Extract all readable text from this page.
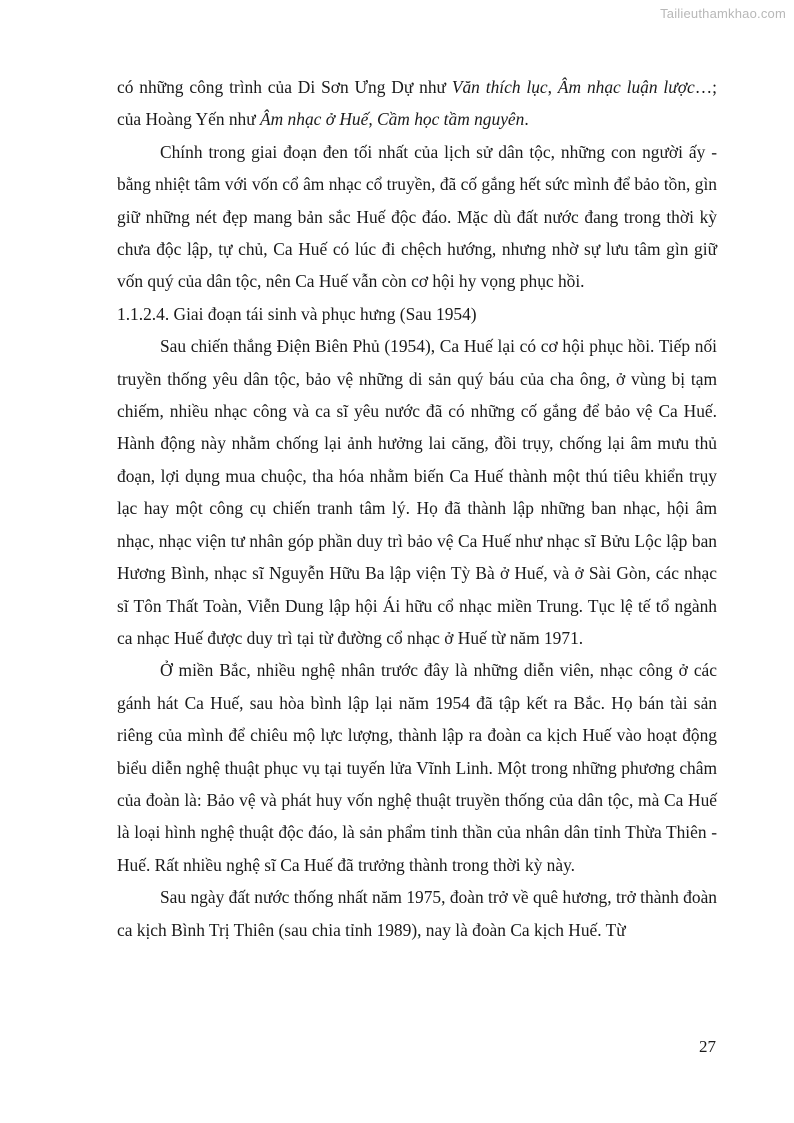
Tailieuthamkhao.com

có những công trình của Di Sơn Ưng Dự như Văn thích lục, Âm nhạc luận lược…; của Hoàng Yến như Âm nhạc ở Huế, Cầm học tầm nguyên.

Chính trong giai đoạn đen tối nhất của lịch sử dân tộc, những con người ấy - bằng nhiệt tâm với vốn cổ âm nhạc cổ truyền, đã cố gắng hết sức mình để bảo tồn, gìn giữ những nét đẹp mang bản sắc Huế độc đáo. Mặc dù đất nước đang trong thời kỳ chưa độc lập, tự chủ, Ca Huế có lúc đi chệch hướng, nhưng nhờ sự lưu tâm gìn giữ vốn quý của dân tộc, nên Ca Huế vẫn còn cơ hội hy vọng phục hồi.

1.1.2.4. Giai đoạn tái sinh và phục hưng (Sau 1954)

Sau chiến thắng Điện Biên Phủ (1954), Ca Huế lại có cơ hội phục hồi. Tiếp nối truyền thống yêu dân tộc, bảo vệ những di sản quý báu của cha ông, ở vùng bị tạm chiếm, nhiều nhạc công và ca sĩ yêu nước đã có những cố gắng để bảo vệ Ca Huế. Hành động này nhằm chống lại ảnh hưởng lai căng, đồi trụy, chống lại âm mưu thủ đoạn, lợi dụng mua chuộc, tha hóa nhằm biến Ca Huế thành một thú tiêu khiển trụy lạc hay một công cụ chiến tranh tâm lý. Họ đã thành lập những ban nhạc, hội âm nhạc, nhạc viện tư nhân góp phần duy trì bảo vệ Ca Huế như nhạc sĩ Bửu Lộc lập ban Hương Bình, nhạc sĩ Nguyễn Hữu Ba lập viện Tỳ Bà ở Huế, và ở Sài Gòn, các nhạc sĩ Tôn Thất Toàn, Viễn Dung lập hội Ái hữu cổ nhạc miền Trung. Tục lệ tế tổ ngành ca nhạc Huế được duy trì tại từ đường cổ nhạc ở Huế từ năm 1971.

Ở miền Bắc, nhiều nghệ nhân trước đây là những diễn viên, nhạc công ở các gánh hát Ca Huế, sau hòa bình lập lại năm 1954 đã tập kết ra Bắc. Họ bán tài sản riêng của mình để chiêu mộ lực lượng, thành lập ra đoàn ca kịch Huế vào hoạt động biểu diễn nghệ thuật phục vụ tại tuyến lửa Vĩnh Linh. Một trong những phương châm của đoàn là: Bảo vệ và phát huy vốn nghệ thuật truyền thống của dân tộc, mà Ca Huế là loại hình nghệ thuật độc đáo, là sản phẩm tinh thần của nhân dân tỉnh Thừa Thiên - Huế. Rất nhiều nghệ sĩ Ca Huế đã trưởng thành trong thời kỳ này.

Sau ngày đất nước thống nhất năm 1975, đoàn trở về quê hương, trở thành đoàn ca kịch Bình Trị Thiên (sau chia tỉnh 1989), nay là đoàn Ca kịch Huế. Từ

27
